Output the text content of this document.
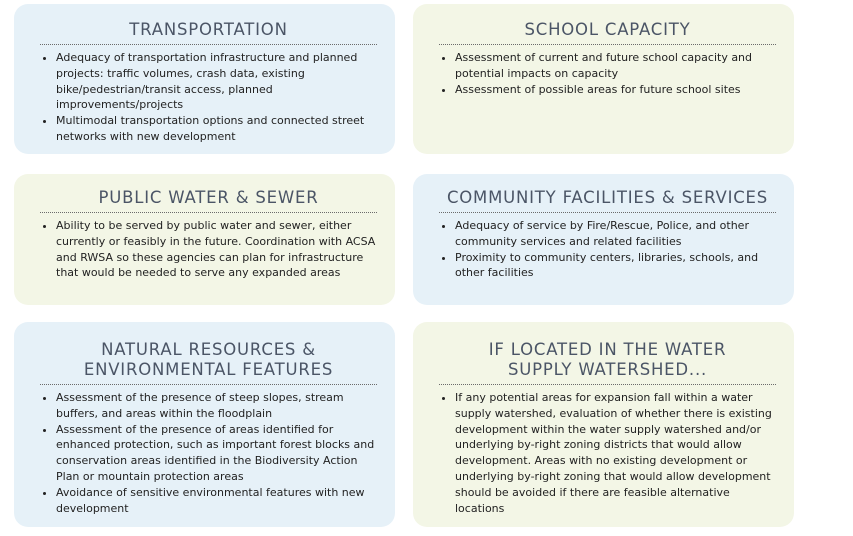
TRANSPORTATION
• Adequacy of transportation infrastructure and planned projects: traffic volumes, crash data, existing bike/pedestrian/transit access, planned improvements/projects
• Multimodal transportation options and connected street networks with new development
SCHOOL CAPACITY
• Assessment of current and future school capacity and potential impacts on capacity
• Assessment of possible areas for future school sites
PUBLIC WATER & SEWER
• Ability to be served by public water and sewer, either currently or feasibly in the future. Coordination with ACSA and RWSA so these agencies can plan for infrastructure that would be needed to serve any expanded areas
COMMUNITY FACILITIES & SERVICES
• Adequacy of service by Fire/Rescue, Police, and other community services and related facilities
• Proximity to community centers, libraries, schools, and other facilities
NATURAL RESOURCES &
ENVIRONMENTAL FEATURES
• Assessment of the presence of steep slopes, stream buffers, and areas within the floodplain
• Assessment of the presence of areas identified for enhanced protection, such as important forest blocks and conservation areas identified in the Biodiversity Action Plan or mountain protection areas
• Avoidance of sensitive environmental features with new development
IF LOCATED IN THE WATER
SUPPLY WATERSHED...
• If any potential areas for expansion fall within a water supply watershed, evaluation of whether there is existing development within the water supply watershed and/or underlying by-right zoning districts that would allow development. Areas with no existing development or underlying by-right zoning that would allow development should be avoided if there are feasible alternative locations
